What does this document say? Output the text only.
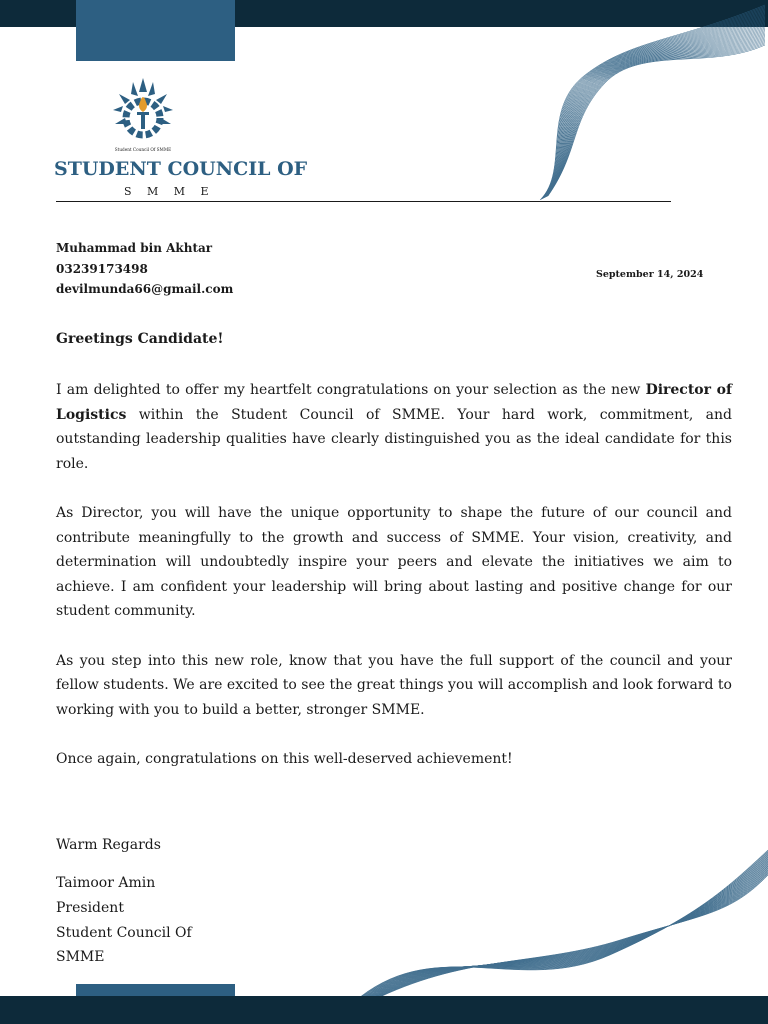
Student Council Of SMME
STUDENT COUNCIL OF
S M M E
Muhammad bin Akhtar
03239173498
devilmunda66@gmail.com
September 14, 2024
Greetings Candidate!

I am delighted to offer my heartfelt congratulations on your selection as the new Director of Logistics within the Student Council of SMME. Your hard work, commitment, and outstanding leadership qualities have clearly distinguished you as the ideal candidate for this role.

As Director, you will have the unique opportunity to shape the future of our council and contribute meaningfully to the growth and success of SMME. Your vision, creativity, and determination will undoubtedly inspire your peers and elevate the initiatives we aim to achieve. I am confident your leadership will bring about lasting and positive change for our student community.

As you step into this new role, know that you have the full support of the council and your fellow students. We are excited to see the great things you will accomplish and look forward to working with you to build a better, stronger SMME.

Once again, congratulations on this well-deserved achievement!

Warm Regards
Taimoor Amin
President
Student Council Of
SMME
